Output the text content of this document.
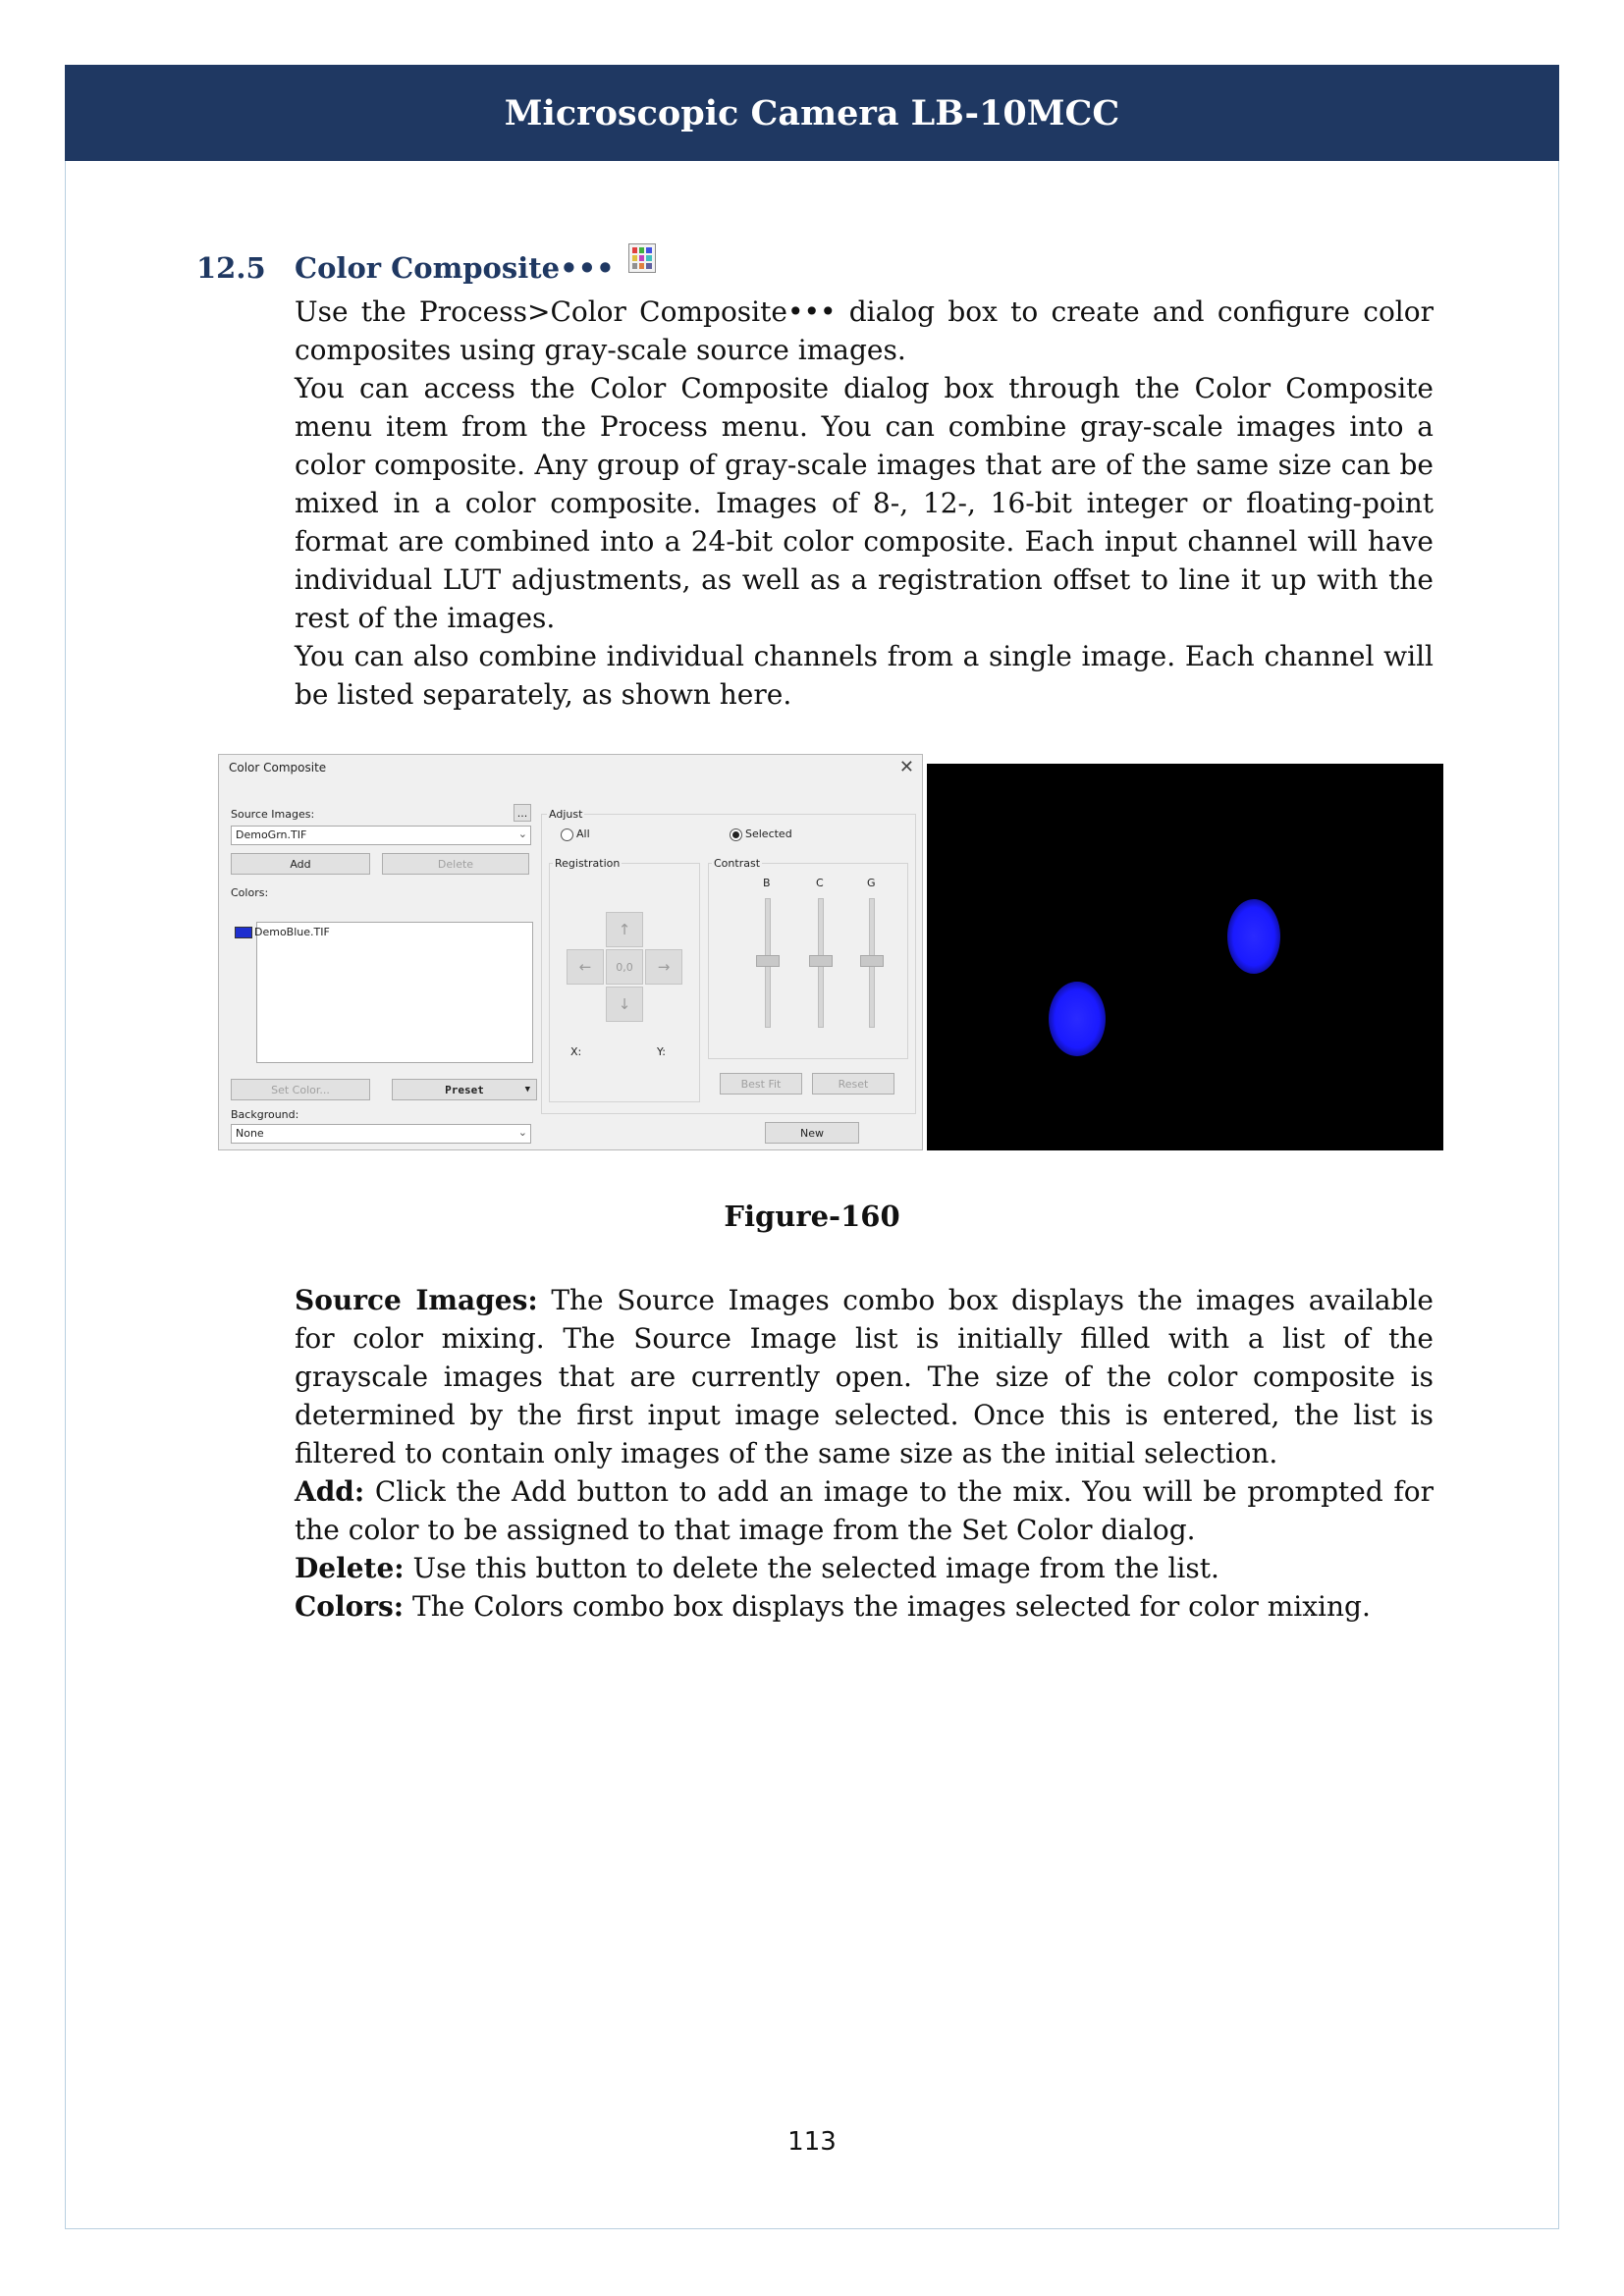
Microscopic Camera LB-10MCC
12.5 Color Composite•••

Use the Process>Color Composite••• dialog box to create and configure color composites using gray-scale source images.

You can access the Color Composite dialog box through the Color Composite menu item from the Process menu. You can combine gray-scale images into a color composite. Any group of gray-scale images that are of the same size can be mixed in a color composite. Images of 8-, 12-, 16-bit integer or floating-point format are combined into a 24-bit color composite. Each input channel will have individual LUT adjustments, as well as a registration offset to line it up with the rest of the images.

You can also combine individual channels from a single image. Each channel will be listed separately, as shown here.

Color Composite	✕
Source Images:	...
DemoGrn.TIF	⌄
Add	Delete
Colors:
DemoBlue.TIF
Set Color...	Preset	▼
Background:
None	⌄
Adjust
All	Selected
Registration
↑
← 0,0 →
↓
X:	Y:
Contrast
B	C	G
Best Fit	Reset
New
Figure-160

Source Images: The Source Images combo box displays the images available for color mixing. The Source Image list is initially filled with a list of the grayscale images that are currently open. The size of the color composite is determined by the first input image selected. Once this is entered, the list is filtered to contain only images of the same size as the initial selection.

Add: Click the Add button to add an image to the mix. You will be prompted for the color to be assigned to that image from the Set Color dialog.

Delete: Use this button to delete the selected image from the list.

Colors: The Colors combo box displays the images selected for color mixing.

113
